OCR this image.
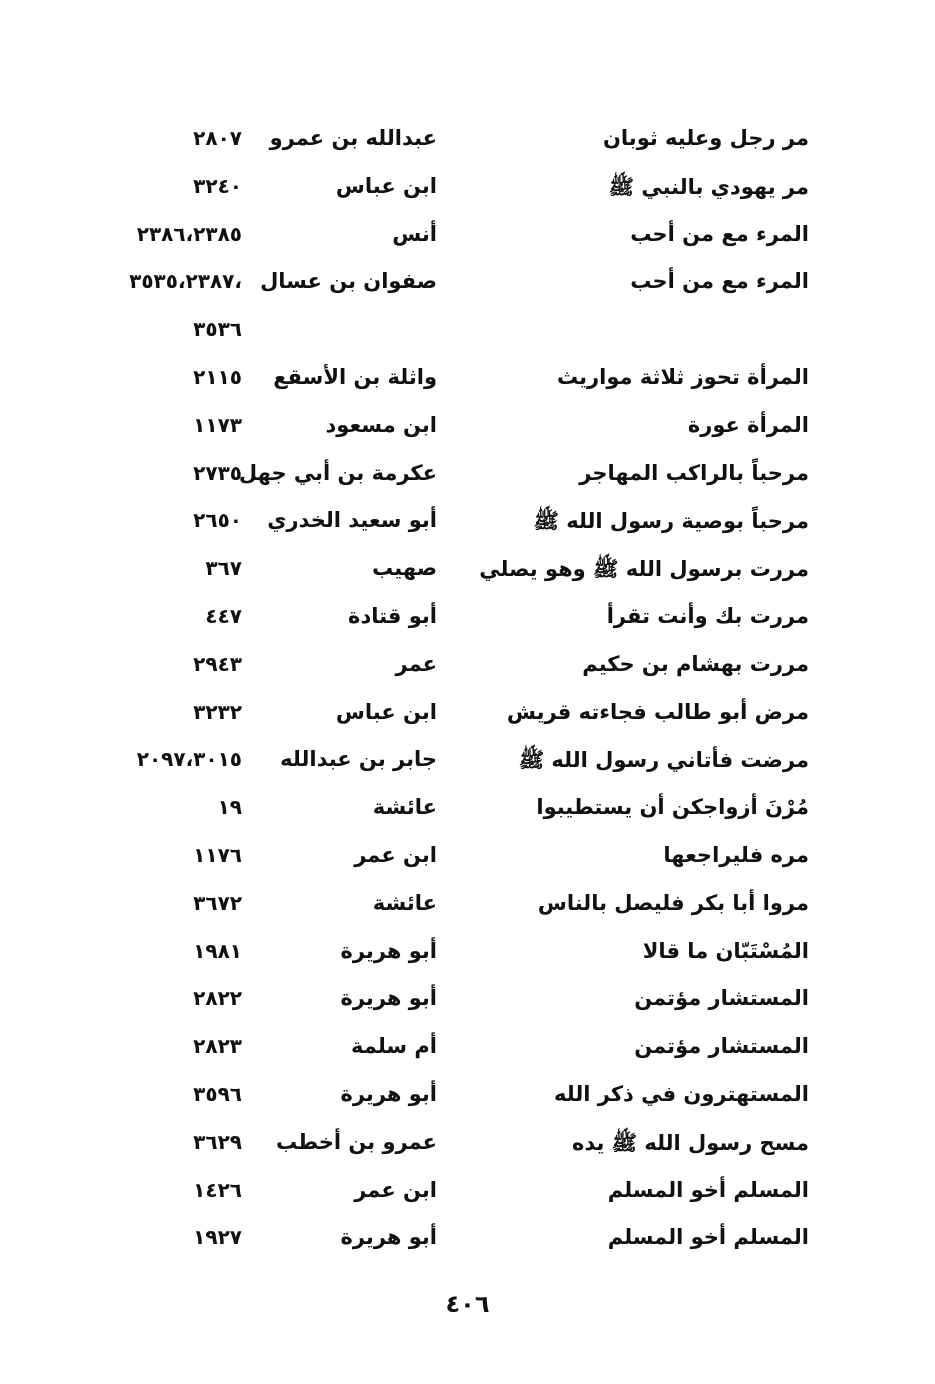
مر رجل وعليه ثوبان
عبدالله بن عمرو
٢٨٠٧
مر يهودي بالنبي ﷺ
ابن عباس
٣٢٤٠
المرء مع من أحب
أنس
٢٣٨٦،٢٣٨٥
المرء مع من أحب
صفوان بن عسال
٣٥٣٥،٢٣٨٧،
٣٥٣٦
المرأة تحوز ثلاثة مواريث
واثلة بن الأسقع
٢١١٥
المرأة عورة
ابن مسعود
١١٧٣
مرحباً بالراكب المهاجر
عكرمة بن أبي جهل
٢٧٣٥
مرحباً بوصية رسول الله ﷺ
أبو سعيد الخدري
٢٦٥٠
مررت برسول الله ﷺ وهو يصلي
صهيب
٣٦٧
مررت بك وأنت تقرأ
أبو قتادة
٤٤٧
مررت بهشام بن حكيم
عمر
٢٩٤٣
مرض أبو طالب فجاءته قريش
ابن عباس
٣٢٣٢
مرضت فأتاني رسول الله ﷺ
جابر بن عبدالله
٢٠٩٧،٣٠١٥
مُرْنَ أزواجكن أن يستطيبوا
عائشة
١٩
مره فليراجعها
ابن عمر
١١٧٦
مروا أبا بكر فليصل بالناس
عائشة
٣٦٧٢
المُسْتَبّان ما قالا
أبو هريرة
١٩٨١
المستشار مؤتمن
أبو هريرة
٢٨٢٢
المستشار مؤتمن
أم سلمة
٢٨٢٣
المستهترون في ذكر الله
أبو هريرة
٣٥٩٦
مسح رسول الله ﷺ يده
عمرو بن أخطب
٣٦٢٩
المسلم أخو المسلم
ابن عمر
١٤٢٦
المسلم أخو المسلم
أبو هريرة
١٩٢٧
٤٠٦
